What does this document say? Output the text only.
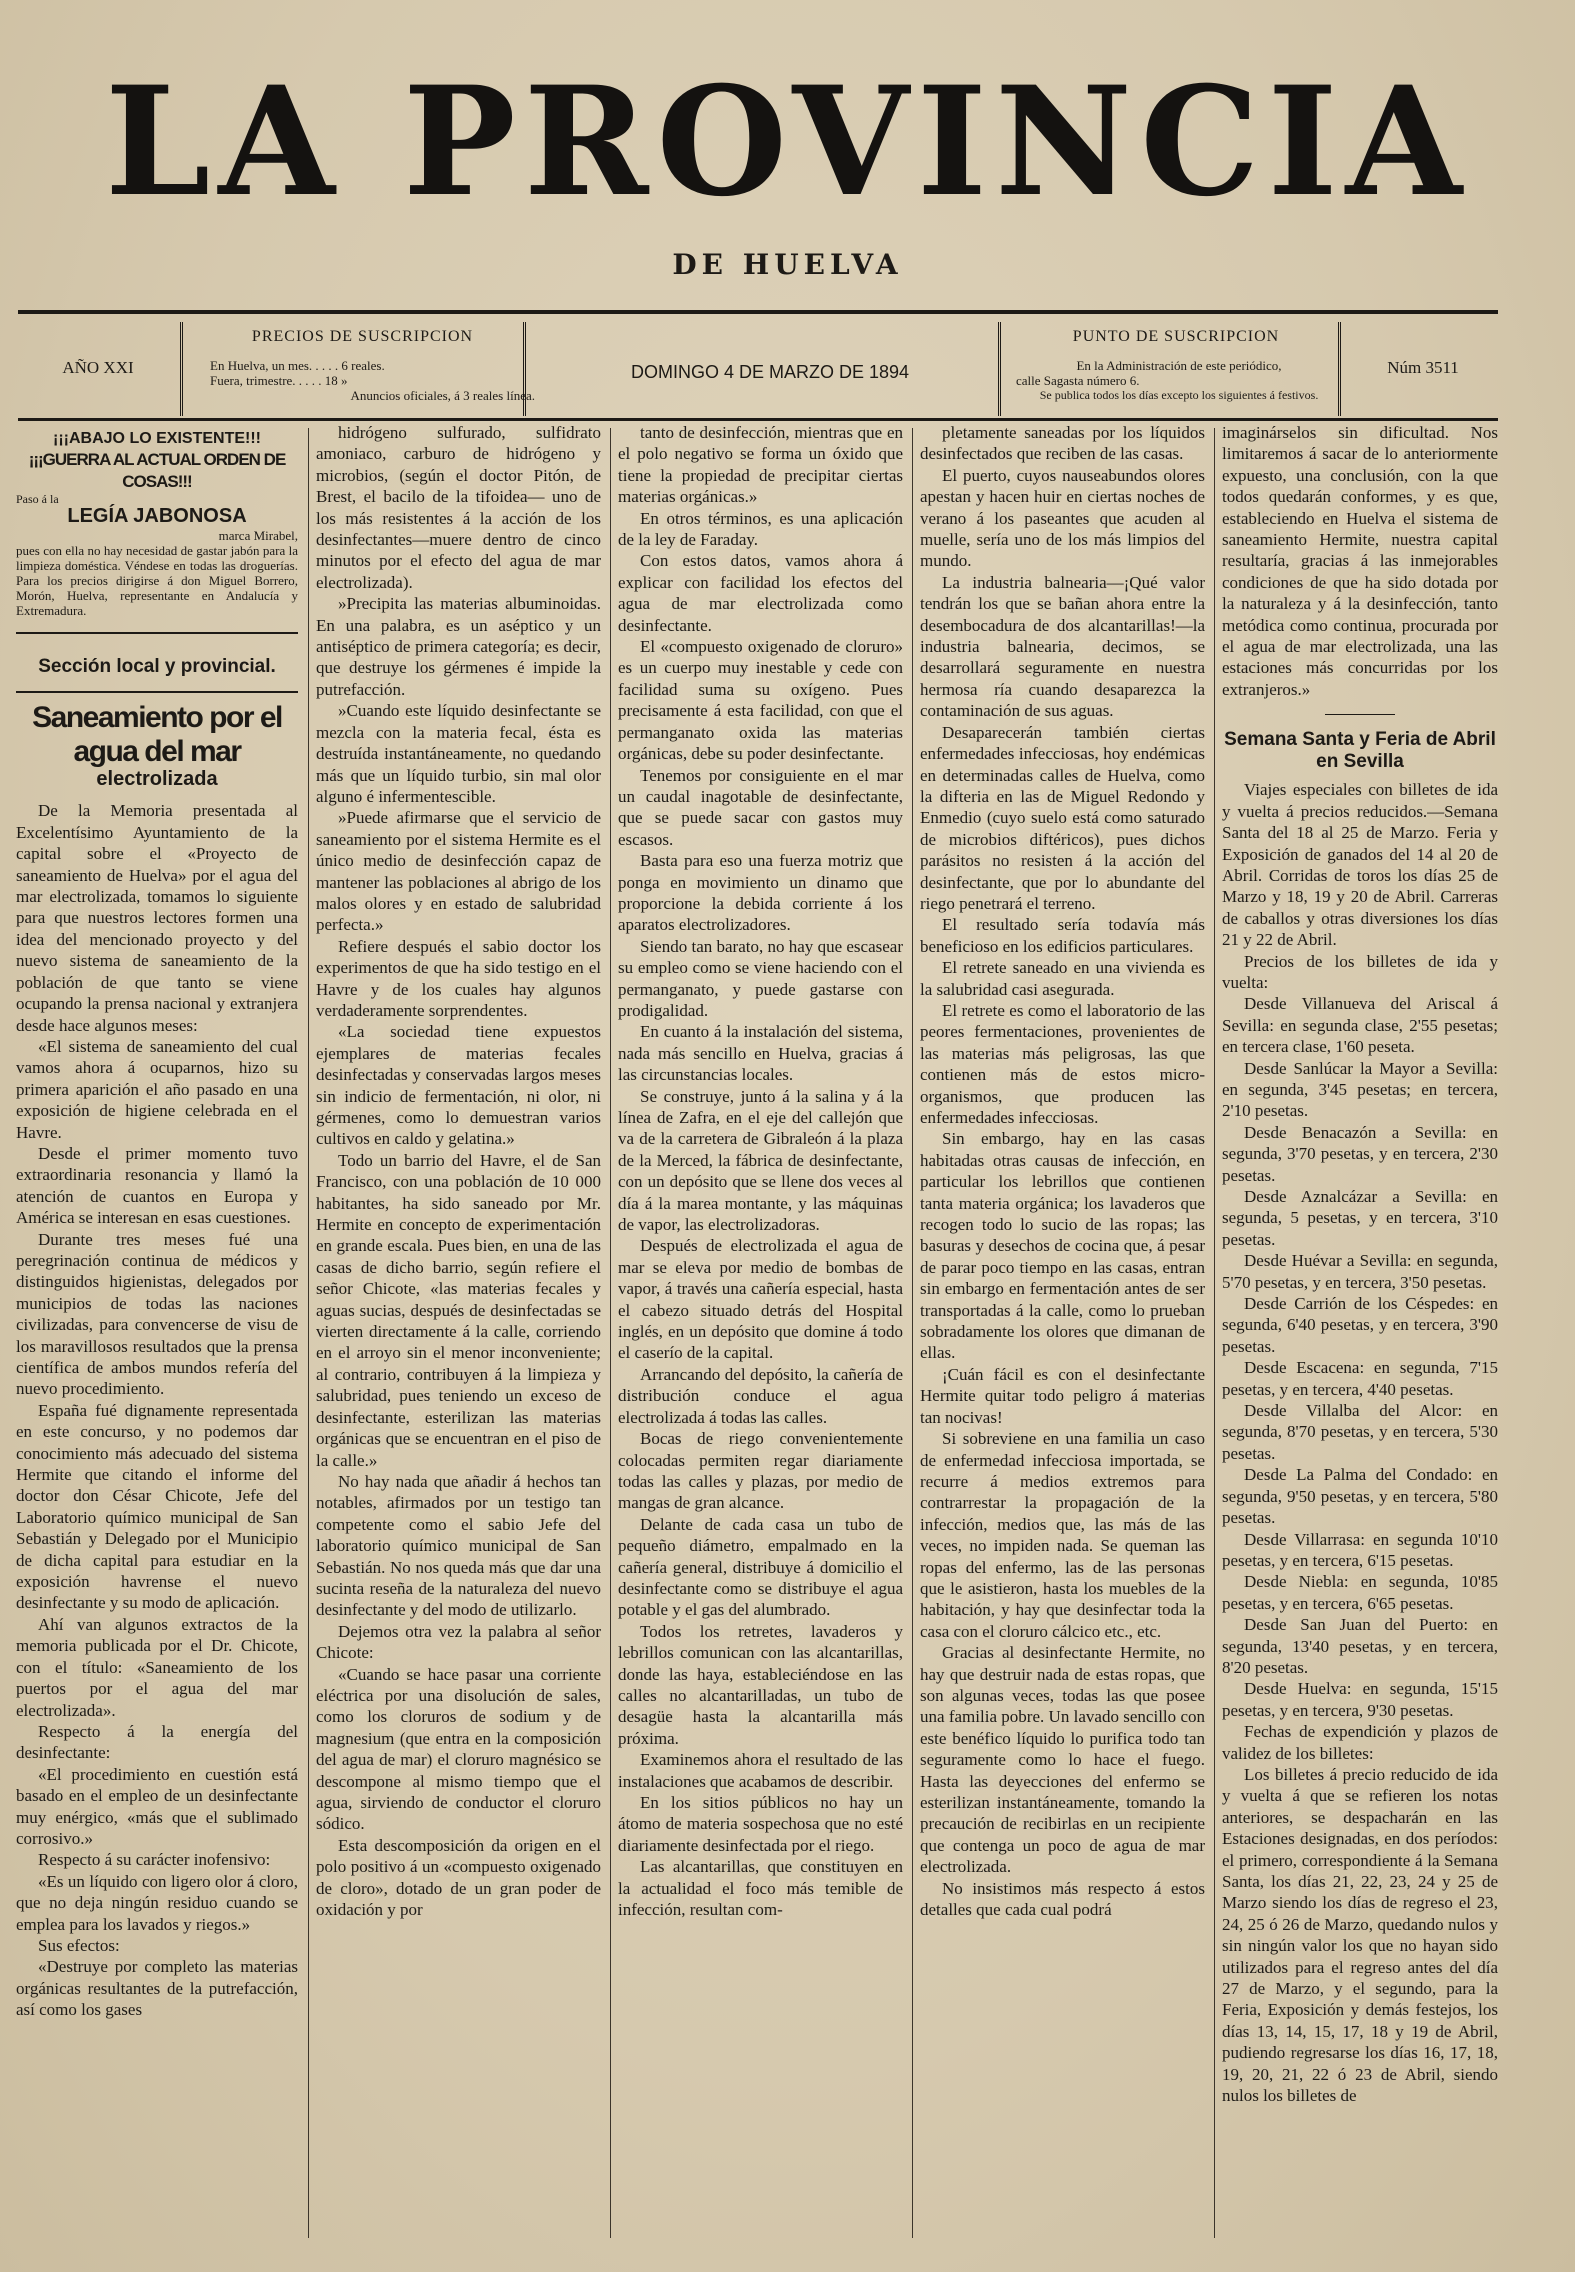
LA PROVINCIA
DE HUELVA
AÑO XXI
PRECIOS DE SUSCRIPCION
En Huelva, un mes. . . . . 6 reales.
Fuera, trimestre. . . . . 18 »
Anuncios oficiales, á 3 reales línea.
DOMINGO 4 DE MARZO DE 1894
PUNTO DE SUSCRIPCION
En la Administración de este periódico,
calle Sagasta número 6.
Se publica todos los días excepto los siguientes á festivos.
Núm 3511
¡¡¡ABAJO LO EXISTENTE!!!
¡¡¡GUERRA AL ACTUAL ORDEN DE COSAS!!!
Paso á la
LEGÍA JABONOSA
marca Mirabel,
pues con ella no hay necesidad de gastar jabón para la limpieza doméstica. Véndese en todas las droguerías. Para los precios dirigirse á don Miguel Borrero, Morón, Huelva, representante en Andalucía y Extremadura.
Sección local y provincial.
Saneamiento por el agua del mar
electrolizada

De la Memoria presentada al Excelentísimo Ayuntamiento de la capital sobre el «Proyecto de saneamiento de Huelva» por el agua del mar electrolizada, tomamos lo siguiente para que nuestros lectores formen una idea del mencionado proyecto y del nuevo sistema de saneamiento de la población de que tanto se viene ocupando la prensa nacional y extranjera desde hace algunos meses:

«El sistema de saneamiento del cual vamos ahora á ocuparnos, hizo su primera aparición el año pasado en una exposición de higiene celebrada en el Havre.

Desde el primer momento tuvo extraordinaria resonancia y llamó la atención de cuantos en Europa y América se interesan en esas cuestiones.

Durante tres meses fué una peregrinación continua de médicos y distinguidos higienistas, delegados por municipios de todas las naciones civilizadas, para convencerse de visu de los maravillosos resultados que la prensa científica de ambos mundos refería del nuevo procedimiento.

España fué dignamente representada en este concurso, y no podemos dar conocimiento más adecuado del sistema Hermite que citando el informe del doctor don César Chicote, Jefe del Laboratorio químico municipal de San Sebastián y Delegado por el Municipio de dicha capital para estudiar en la exposición havrense el nuevo desinfectante y su modo de aplicación.

Ahí van algunos extractos de la memoria publicada por el Dr. Chicote, con el título: «Saneamiento de los puertos por el agua del mar electrolizada».

Respecto á la energía del desinfectante:

«El procedimiento en cuestión está basado en el empleo de un desinfectante muy enérgico, «más que el sublimado corrosivo.»

Respecto á su carácter inofensivo:

«Es un líquido con ligero olor á cloro, que no deja ningún residuo cuando se emplea para los lavados y riegos.»

Sus efectos:

«Destruye por completo las materias orgánicas resultantes de la putrefacción, así como los gases

hidrógeno sulfurado, sulfidrato amoniaco, carburo de hidrógeno y microbios, (según el doctor Pitón, de Brest, el bacilo de la tifoidea— uno de los más resistentes á la acción de los desinfectantes—muere dentro de cinco minutos por el efecto del agua de mar electrolizada).

»Precipita las materias albuminoidas. En una palabra, es un aséptico y un antiséptico de primera categoría; es decir, que destruye los gérmenes é impide la putrefacción.

»Cuando este líquido desinfectante se mezcla con la materia fecal, ésta es destruída instantáneamente, no quedando más que un líquido turbio, sin mal olor alguno é infermentescible.

»Puede afirmarse que el servicio de saneamiento por el sistema Hermite es el único medio de desinfección capaz de mantener las poblaciones al abrigo de los malos olores y en estado de salubridad perfecta.»

Refiere después el sabio doctor los experimentos de que ha sido testigo en el Havre y de los cuales hay algunos verdaderamente sorprendentes.

«La sociedad tiene expuestos ejemplares de materias fecales desinfectadas y conservadas largos meses sin indicio de fermentación, ni olor, ni gérmenes, como lo demuestran varios cultivos en caldo y gelatina.»

Todo un barrio del Havre, el de San Francisco, con una población de 10 000 habitantes, ha sido saneado por Mr. Hermite en concepto de experimentación en grande escala. Pues bien, en una de las casas de dicho barrio, según refiere el señor Chicote, «las materias fecales y aguas sucias, después de desinfectadas se vierten directamente á la calle, corriendo en el arroyo sin el menor inconveniente; al contrario, contribuyen á la limpieza y salubridad, pues teniendo un exceso de desinfectante, esterilizan las materias orgánicas que se encuentran en el piso de la calle.»

No hay nada que añadir á hechos tan notables, afirmados por un testigo tan competente como el sabio Jefe del laboratorio químico municipal de San Sebastián. No nos queda más que dar una sucinta reseña de la naturaleza del nuevo desinfectante y del modo de utilizarlo.

Dejemos otra vez la palabra al señor Chicote:

«Cuando se hace pasar una corriente eléctrica por una disolución de sales, como los cloruros de sodium y de magnesium (que entra en la composición del agua de mar) el cloruro magnésico se descompone al mismo tiempo que el agua, sirviendo de conductor el cloruro sódico.

Esta descomposición da origen en el polo positivo á un «compuesto oxigenado de cloro», dotado de un gran poder de oxidación y por

tanto de desinfección, mientras que en el polo negativo se forma un óxido que tiene la propiedad de precipitar ciertas materias orgánicas.»

En otros términos, es una aplicación de la ley de Faraday.

Con estos datos, vamos ahora á explicar con facilidad los efectos del agua de mar electrolizada como desinfectante.

El «compuesto oxigenado de cloruro» es un cuerpo muy inestable y cede con facilidad suma su oxígeno. Pues precisamente á esta facilidad, con que el permanganato oxida las materias orgánicas, debe su poder desinfectante.

Tenemos por consiguiente en el mar un caudal inagotable de desinfectante, que se puede sacar con gastos muy escasos.

Basta para eso una fuerza motriz que ponga en movimiento un dinamo que proporcione la debida corriente á los aparatos electrolizadores.

Siendo tan barato, no hay que escasear su empleo como se viene haciendo con el permanganato, y puede gastarse con prodigalidad.

En cuanto á la instalación del sistema, nada más sencillo en Huelva, gracias á las circunstancias locales.

Se construye, junto á la salina y á la línea de Zafra, en el eje del callejón que va de la carretera de Gibraleón á la plaza de la Merced, la fábrica de desinfectante, con un depósito que se llene dos veces al día á la marea montante, y las máquinas de vapor, las electrolizadoras.

Después de electrolizada el agua de mar se eleva por medio de bombas de vapor, á través una cañería especial, hasta el cabezo situado detrás del Hospital inglés, en un depósito que domine á todo el caserío de la capital.

Arrancando del depósito, la cañería de distribución conduce el agua electrolizada á todas las calles.

Bocas de riego convenientemente colocadas permiten regar diariamente todas las calles y plazas, por medio de mangas de gran alcance.

Delante de cada casa un tubo de pequeño diámetro, empalmado en la cañería general, distribuye á domicilio el desinfectante como se distribuye el agua potable y el gas del alumbrado.

Todos los retretes, lavaderos y lebrillos comunican con las alcantarillas, donde las haya, estableciéndose en las calles no alcantarilladas, un tubo de desagüe hasta la alcantarilla más próxima.

Examinemos ahora el resultado de las instalaciones que acabamos de describir.

En los sitios públicos no hay un átomo de materia sospechosa que no esté diariamente desinfectada por el riego.

Las alcantarillas, que constituyen en la actualidad el foco más temible de infección, resultan com-

pletamente saneadas por los líquidos desinfectados que reciben de las casas.

El puerto, cuyos nauseabundos olores apestan y hacen huir en ciertas noches de verano á los paseantes que acuden al muelle, sería uno de los más limpios del mundo.

La industria balnearia—¡Qué valor tendrán los que se bañan ahora entre la desembocadura de dos alcantarillas!—la industria balnearia, decimos, se desarrollará seguramente en nuestra hermosa ría cuando desaparezca la contaminación de sus aguas.

Desaparecerán también ciertas enfermedades infecciosas, hoy endémicas en determinadas calles de Huelva, como la difteria en las de Miguel Redondo y Enmedio (cuyo suelo está como saturado de microbios diftéricos), pues dichos parásitos no resisten á la acción del desinfectante, que por lo abundante del riego penetrará el terreno.

El resultado sería todavía más beneficioso en los edificios particulares.

El retrete saneado en una vivienda es la salubridad casi asegurada.

El retrete es como el laboratorio de las peores fermentaciones, provenientes de las materias más peligrosas, las que contienen más de estos micro-organismos, que producen las enfermedades infecciosas.

Sin embargo, hay en las casas habitadas otras causas de infección, en particular los lebrillos que contienen tanta materia orgánica; los lavaderos que recogen todo lo sucio de las ropas; las basuras y desechos de cocina que, á pesar de parar poco tiempo en las casas, entran sin embargo en fermentación antes de ser transportadas á la calle, como lo prueban sobradamente los olores que dimanan de ellas.

¡Cuán fácil es con el desinfectante Hermite quitar todo peligro á materias tan nocivas!

Si sobreviene en una familia un caso de enfermedad infecciosa importada, se recurre á medios extremos para contrarrestar la propagación de la infección, medios que, las más de las veces, no impiden nada. Se queman las ropas del enfermo, las de las personas que le asistieron, hasta los muebles de la habitación, y hay que desinfectar toda la casa con el cloruro cálcico etc., etc.

Gracias al desinfectante Hermite, no hay que destruir nada de estas ropas, que son algunas veces, todas las que posee una familia pobre. Un lavado sencillo con este benéfico líquido lo purifica todo tan seguramente como lo hace el fuego. Hasta las deyecciones del enfermo se esterilizan instantáneamente, tomando la precaución de recibirlas en un recipiente que contenga un poco de agua de mar electrolizada.

No insistimos más respecto á estos detalles que cada cual podrá

imaginárselos sin dificultad. Nos limitaremos á sacar de lo anteriormente expuesto, una conclusión, con la que todos quedarán conformes, y es que, estableciendo en Huelva el sistema de saneamiento Hermite, nuestra capital resultaría, gracias á las inmejorables condiciones de que ha sido dotada por la naturaleza y á la desinfección, tanto metódica como continua, procurada por el agua de mar electrolizada, una las estaciones más concurridas por los extranjeros.»

Semana Santa y Feria de Abril en Sevilla

Viajes especiales con billetes de ida y vuelta á precios reducidos.—Semana Santa del 18 al 25 de Marzo. Feria y Exposición de ganados del 14 al 20 de Abril. Corridas de toros los días 25 de Marzo y 18, 19 y 20 de Abril. Carreras de caballos y otras diversiones los días 21 y 22 de Abril.

Precios de los billetes de ida y vuelta:

Desde Villanueva del Ariscal á Sevilla: en segunda clase, 2'55 pesetas; en tercera clase, 1'60 peseta.

Desde Sanlúcar la Mayor a Sevilla: en segunda, 3'45 pesetas; en tercera, 2'10 pesetas.

Desde Benacazón a Sevilla: en segunda, 3'70 pesetas, y en tercera, 2'30 pesetas.

Desde Aznalcázar a Sevilla: en segunda, 5 pesetas, y en tercera, 3'10 pesetas.

Desde Huévar a Sevilla: en segunda, 5'70 pesetas, y en tercera, 3'50 pesetas.

Desde Carrión de los Céspedes: en segunda, 6'40 pesetas, y en tercera, 3'90 pesetas.

Desde Escacena: en segunda, 7'15 pesetas, y en tercera, 4'40 pesetas.

Desde Villalba del Alcor: en segunda, 8'70 pesetas, y en tercera, 5'30 pesetas.

Desde La Palma del Condado: en segunda, 9'50 pesetas, y en tercera, 5'80 pesetas.

Desde Villarrasa: en segunda 10'10 pesetas, y en tercera, 6'15 pesetas.

Desde Niebla: en segunda, 10'85 pesetas, y en tercera, 6'65 pesetas.

Desde San Juan del Puerto: en segunda, 13'40 pesetas, y en tercera, 8'20 pesetas.

Desde Huelva: en segunda, 15'15 pesetas, y en tercera, 9'30 pesetas.

Fechas de expendición y plazos de validez de los billetes:

Los billetes á precio reducido de ida y vuelta á que se refieren los notas anteriores, se despacharán en las Estaciones designadas, en dos períodos: el primero, correspondiente á la Semana Santa, los días 21, 22, 23, 24 y 25 de Marzo siendo los días de regreso el 23, 24, 25 ó 26 de Marzo, quedando nulos y sin ningún valor los que no hayan sido utilizados para el regreso antes del día 27 de Marzo, y el segundo, para la Feria, Exposición y demás festejos, los días 13, 14, 15, 17, 18 y 19 de Abril, pudiendo regresarse los días 16, 17, 18, 19, 20, 21, 22 ó 23 de Abril, siendo nulos los billetes de
